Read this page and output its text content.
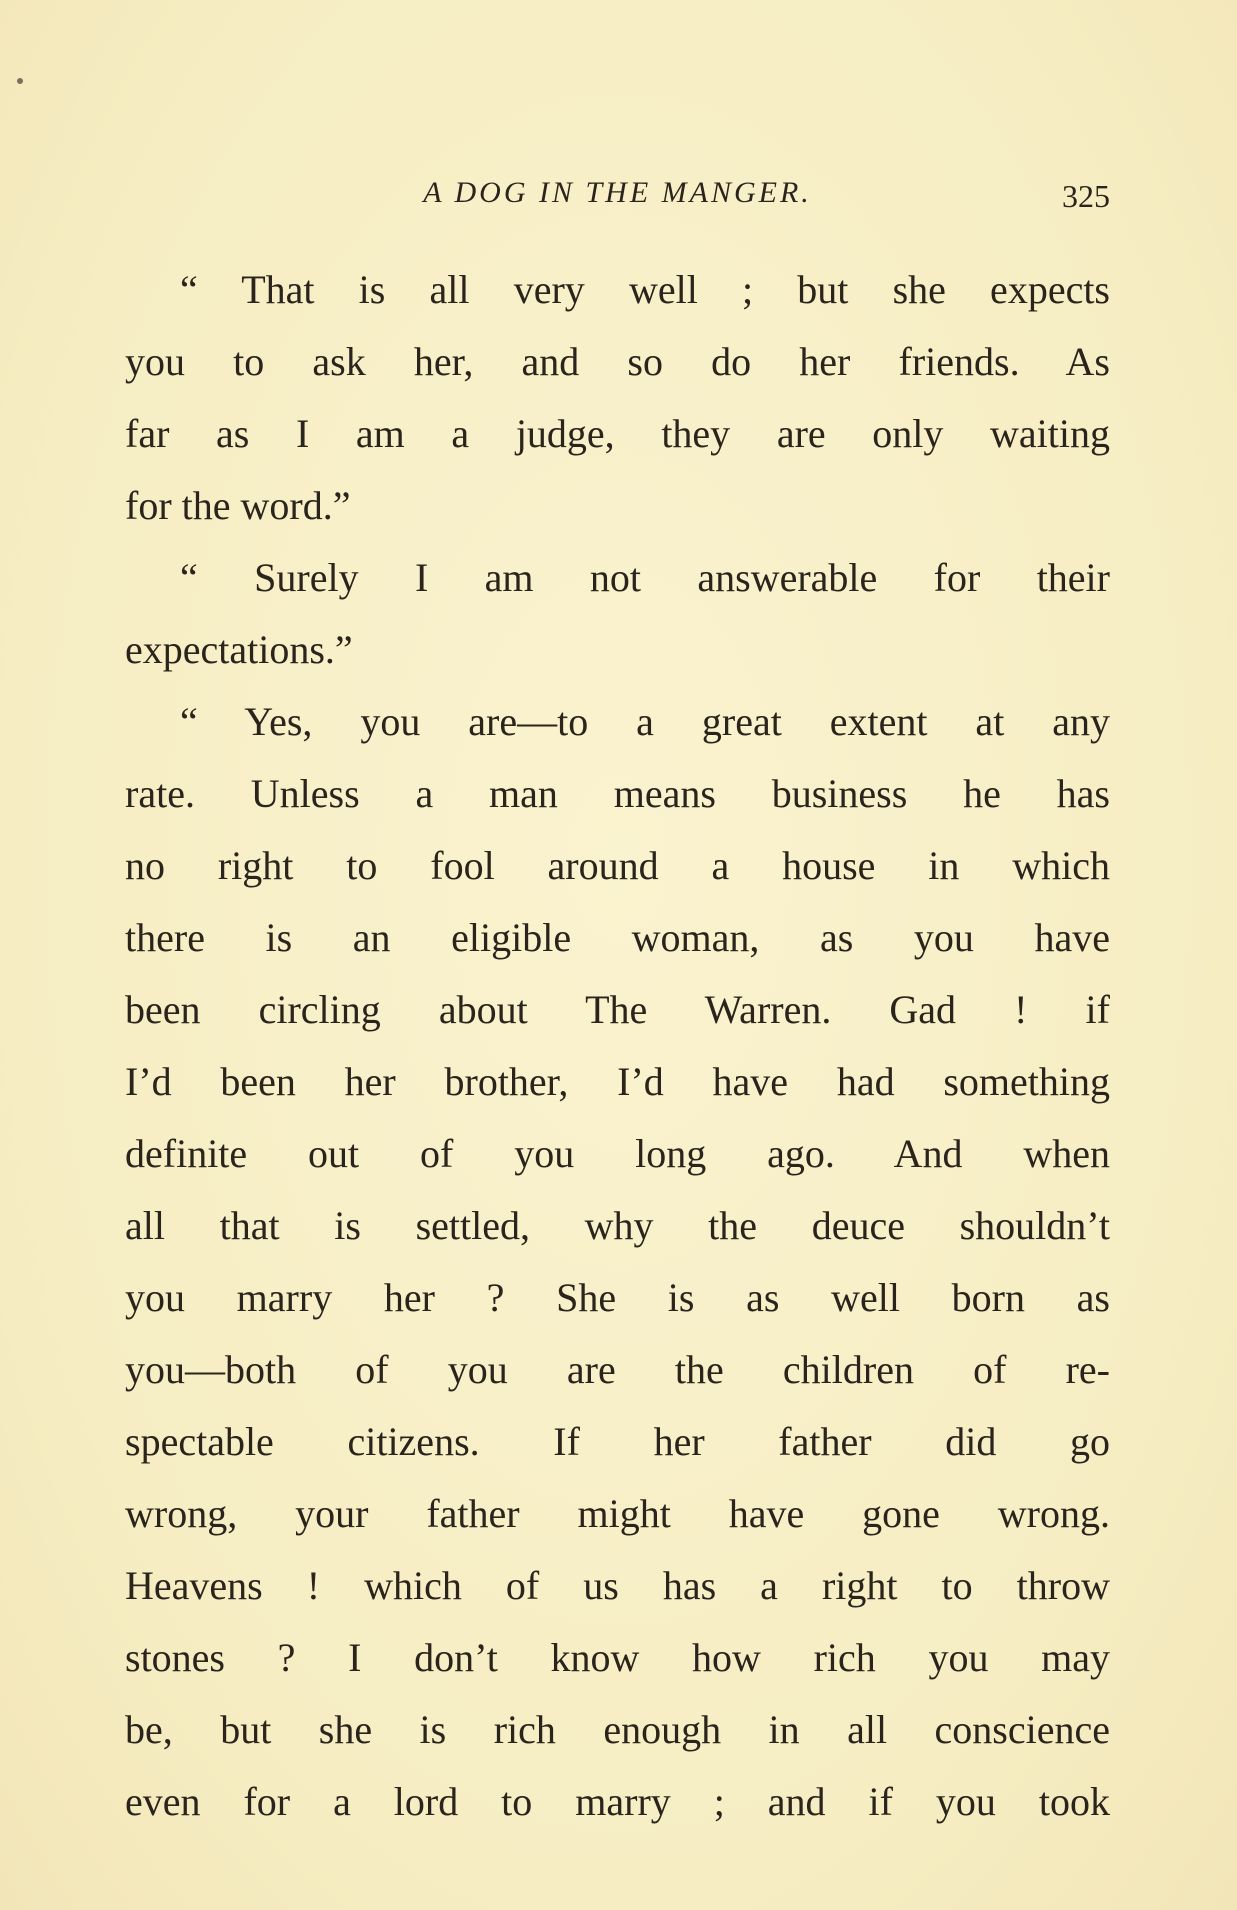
A DOG IN THE MANGER.	325
“ That is all very well ; but she expects
you to ask her, and so do her friends. As
far as I am a judge, they are only waiting
for the word.”
“ Surely I am not answerable for their
expectations.”
“ Yes, you are—to a great extent at any
rate. Unless a man means business he has
no right to fool around a house in which
there is an eligible woman, as you have
been circling about The Warren. Gad ! if
I’d been her brother, I’d have had something
definite out of you long ago. And when
all that is settled, why the deuce shouldn’t
you marry her ? She is as well born as
you—both of you are the children of re-
spectable citizens. If her father did go
wrong, your father might have gone wrong.
Heavens ! which of us has a right to throw
stones ? I don’t know how rich you may
be, but she is rich enough in all conscience
even for a lord to marry ; and if you took
